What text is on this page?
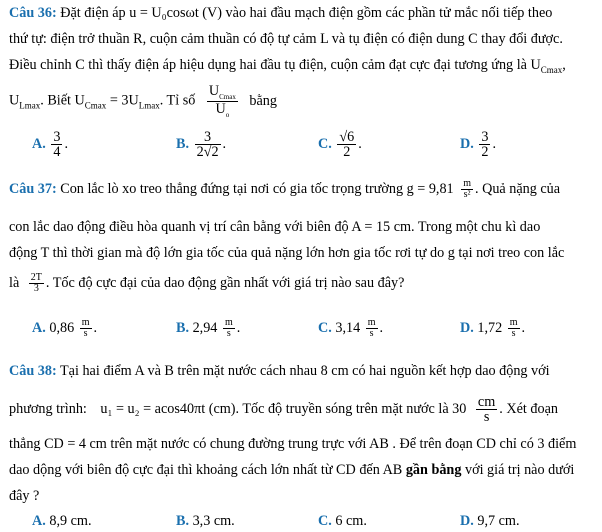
Câu 36: Đặt điện áp u = U₀cosωt (V) vào hai đầu mạch điện gồm các phần tử mắc nối tiếp theo
thứ tự: điện trở thuần R, cuộn cảm thuần có độ tự cảm L và tụ điện có điện dung C thay đổi được.
Điều chỉnh C thì thấy điện áp hiệu dụng hai đầu tụ điện, cuộn cảm đạt cực đại tương ứng là $U_{Cmax}$,
$U_{Lmax}$. Biết $U_{Cmax} = 3U_{Lmax}$. Tỉ số $\frac{U_{Cmax}}{U_o}$ bằng
A. $\frac{3}{4}$ .	B. $\frac{3}{2√2}$ .	C. $\frac{√6}{2}$ .	D. $\frac{3}{2}$ .
Câu 37: Con lắc lò xo treo thẳng đứng tại nơi có gia tốc trọng trường $g = 9,81 \frac{m}{\text{s²}}$ . Quả nặng của
con lắc dao động điều hòa quanh vị trí cân bằng với biên độ A = 15 cm. Trong một chu kì dao
động T thì thời gian mà độ lớn gia tốc của quả nặng lớn hơn gia tốc rơi tự do g tại nơi treo con lắc
là $\frac{2T}{3}$ . Tốc độ cực đại của dao động gần nhất với giá trị nào sau đây?
A. $0,86 \frac{m}{s}$ .	B. $2,94 \frac{m}{s}$ .	C. $3,14 \frac{m}{s}$ .	D. $1,72 \frac{m}{s}$ .
Câu 38: Tại hai điểm A và B trên mặt nước cách nhau 8 cm có hai nguồn kết hợp dao động với
phương trình: u₁ = u₂ = acos40πt (cm). Tốc độ truyền sóng trên mặt nước là $30 \frac{cm}{s}$ . Xét đoạn
thẳng CD = 4 cm trên mặt nước có chung đường trung trực với AB . Để trên đoạn CD chỉ có 3 điểm
dao dộng với biên độ cực đại thì khoảng cách lớn nhất từ CD đến AB gần bằng với giá trị nào dưới
đây ?
A. 8,9 cm.	B. 3,3 cm.	C. 6 cm.	D. 9,7 cm.
